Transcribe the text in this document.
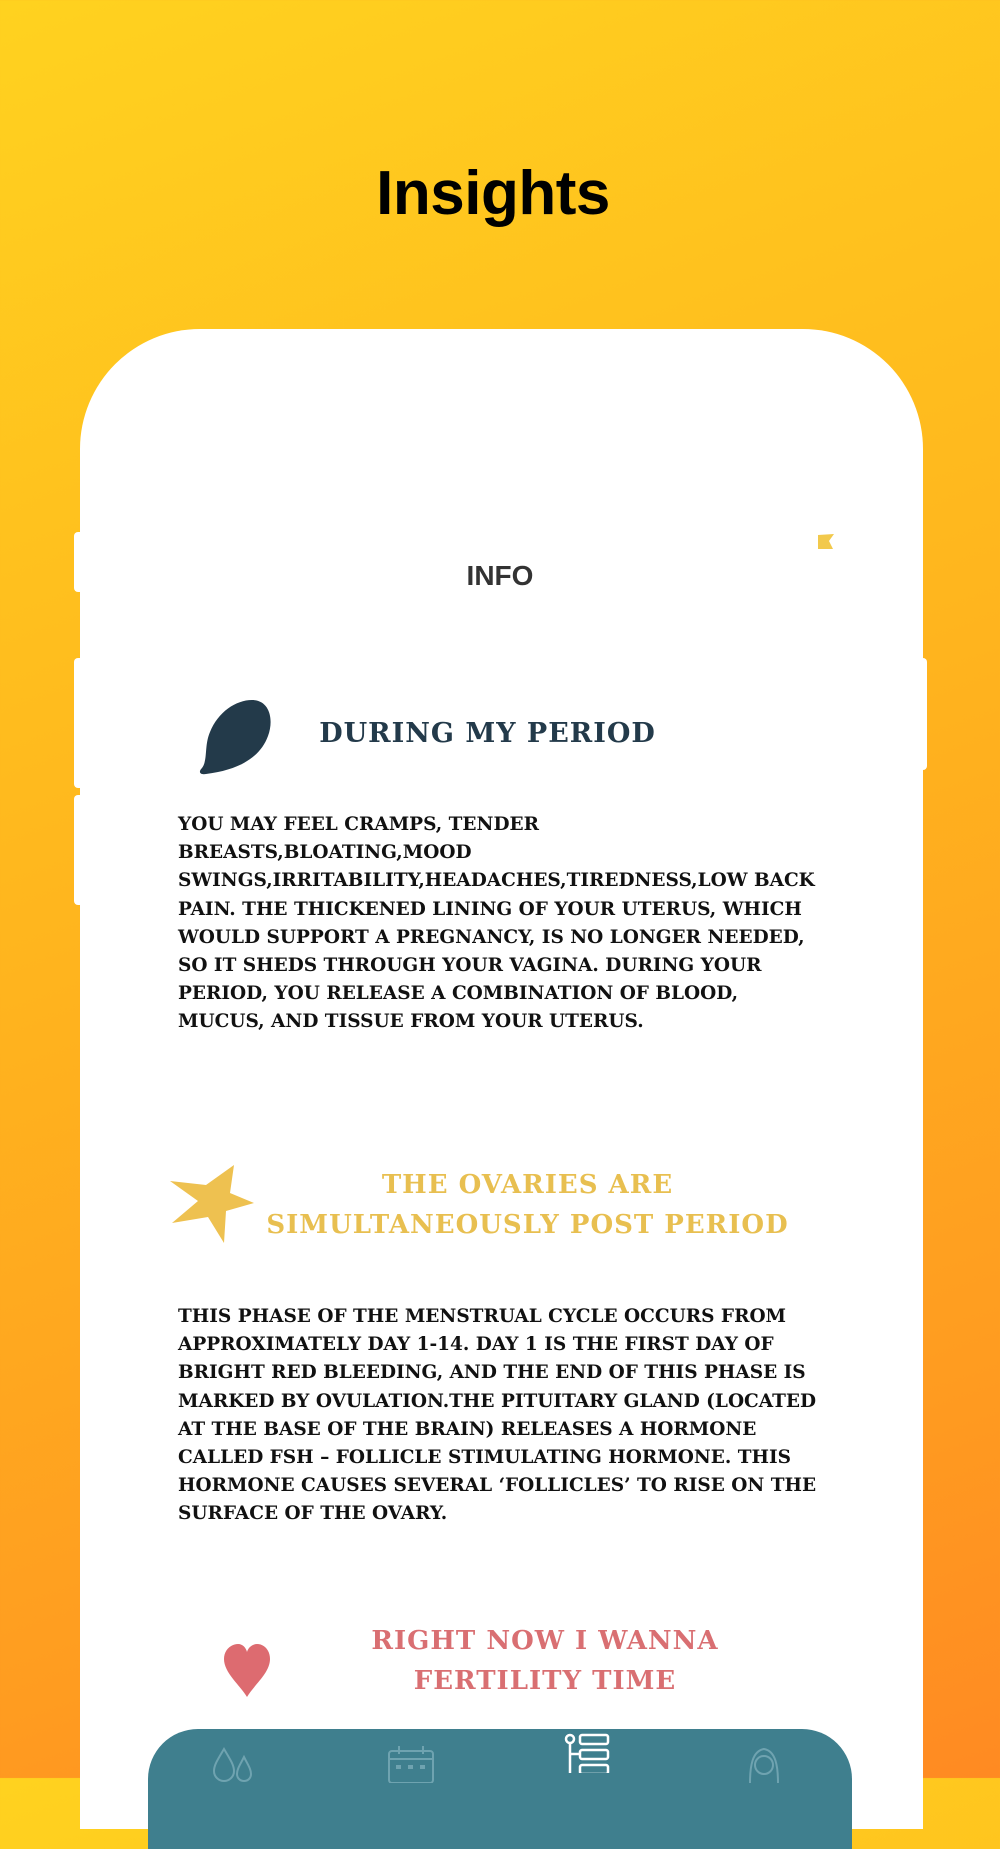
Insights
INFO
DURING MY PERIOD
YOU MAY FEEL CRAMPS, TENDER BREASTS,BLOATING,MOOD SWINGS,IRRITABILITY,HEADACHES,TIREDNESS,LOW BACK PAIN. THE THICKENED LINING OF YOUR UTERUS, WHICH WOULD SUPPORT A PREGNANCY, IS NO LONGER NEEDED, SO IT SHEDS THROUGH YOUR VAGINA. DURING YOUR PERIOD, YOU RELEASE A COMBINATION OF BLOOD, MUCUS, AND TISSUE FROM YOUR UTERUS.
THE OVARIES ARE SIMULTANEOUSLY POST PERIOD
THIS PHASE OF THE MENSTRUAL CYCLE OCCURS FROM APPROXIMATELY DAY 1-14. DAY 1 IS THE FIRST DAY OF BRIGHT RED BLEEDING, AND THE END OF THIS PHASE IS MARKED BY OVULATION.THE PITUITARY GLAND (LOCATED AT THE BASE OF THE BRAIN) RELEASES A HORMONE CALLED FSH – FOLLICLE STIMULATING HORMONE. THIS HORMONE CAUSES SEVERAL ‘FOLLICLES’ TO RISE ON THE SURFACE OF THE OVARY.
RIGHT NOW I WANNA FERTILITY TIME
